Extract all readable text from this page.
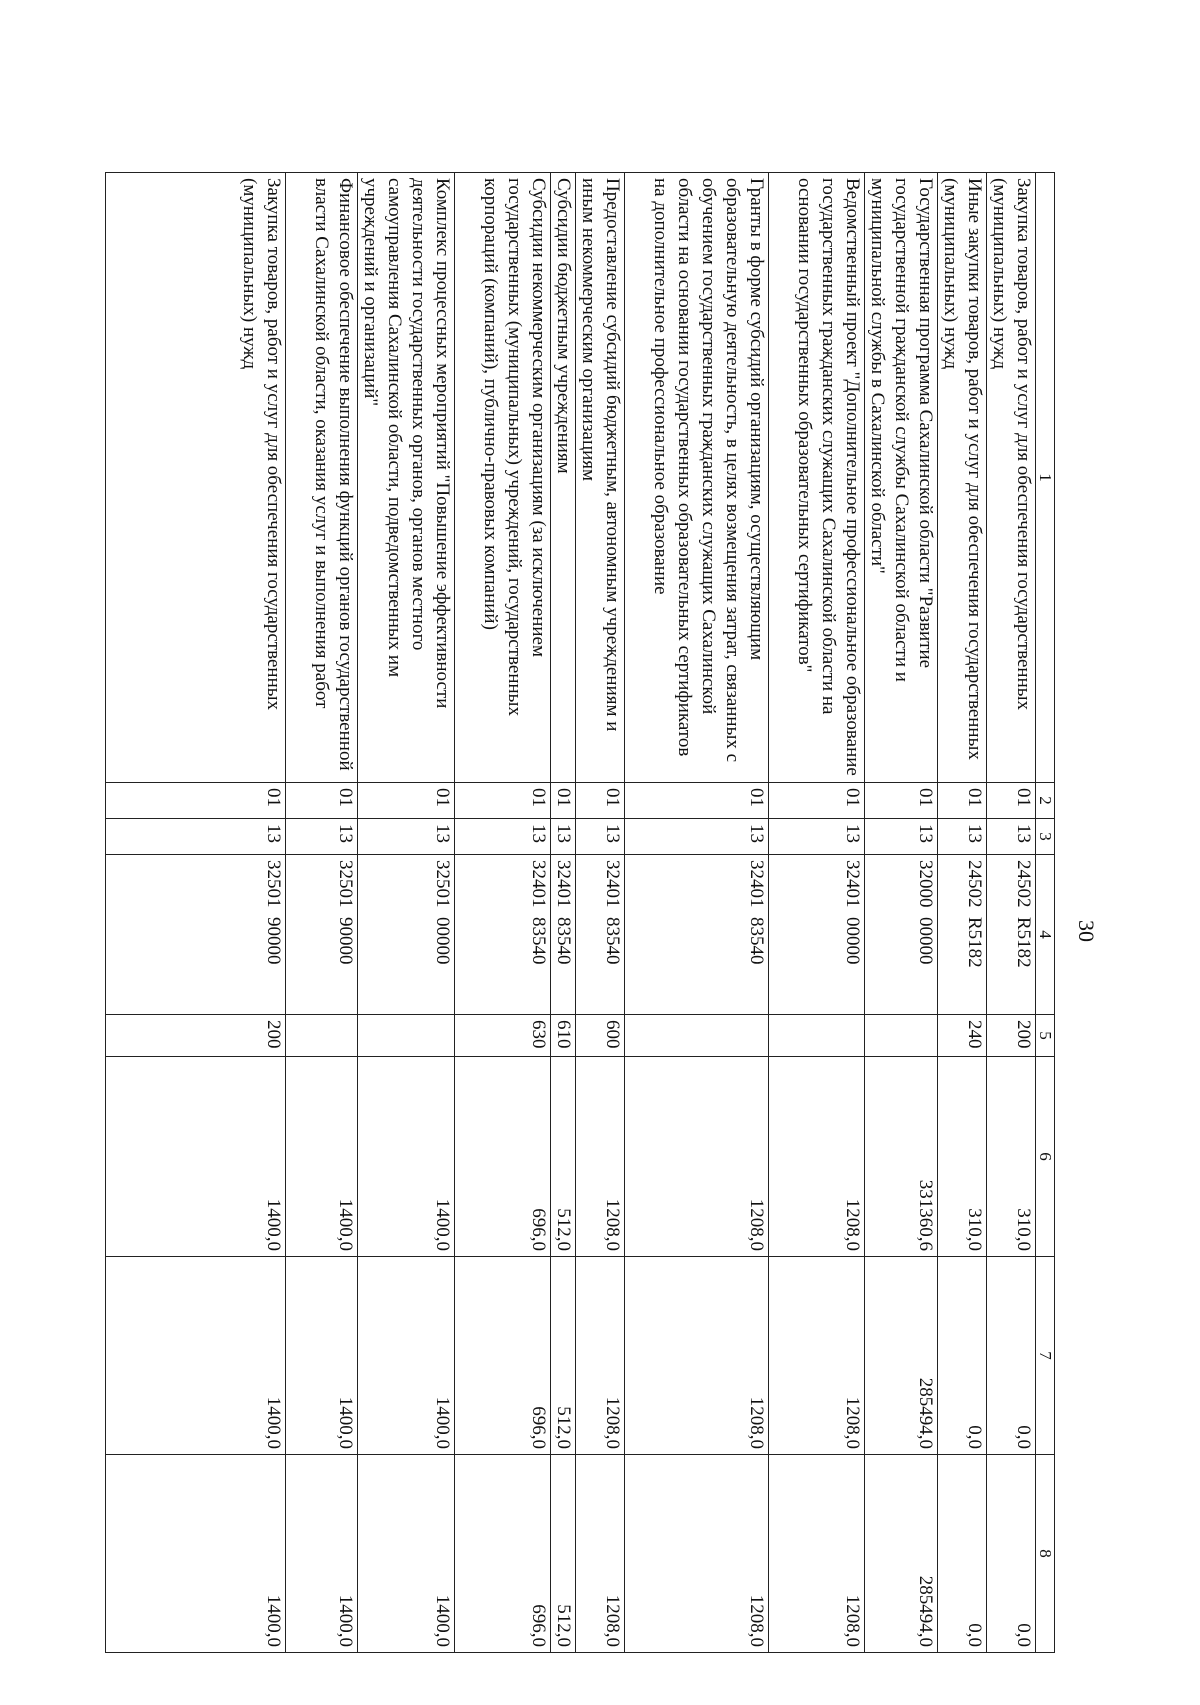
30
1	2	3	4	5	6	7	8
Закупка товаров, работ и услуг для обеспечения государственных (муниципальных) нужд	01	13	24502  R5182	200	310,0	0,0	0,0
Иные закупки товаров, работ и услуг для обеспечения государственных (муниципальных) нужд	01	13	24502  R5182	240	310,0	0,0	0,0
Государственная программа Сахалинской области "Развитие государственной гражданской службы Сахалинской области и муниципальной службы в Сахалинской области"	01	13	32000  00000		331360,6	285494,0	285494,0
Ведомственный проект "Дополнительное профессиональное образование государственных гражданских служащих Сахалинской области на основании государственных образовательных сертификатов"	01	13	32401  00000		1208,0	1208,0	1208,0
Гранты в форме субсидий организациям, осуществляющим образовательную деятельность, в целях возмещения затрат, связанных с обучением государственных гражданских служащих Сахалинской области на основании государственных образовательных сертификатов на дополнительное профессиональное образование	01	13	32401  83540		1208,0	1208,0	1208,0
Предоставление субсидий бюджетным, автономным учреждениям и иным некоммерческим организациям	01	13	32401  83540	600	1208,0	1208,0	1208,0
Субсидии бюджетным учреждениям	01	13	32401  83540	610	512,0	512,0	512,0
Субсидии некоммерческим организациям (за исключением государственных (муниципальных) учреждений, государственных корпораций (компаний), публично-правовых компаний)	01	13	32401  83540	630	696,0	696,0	696,0
Комплекс процессных мероприятий "Повышение эффективности деятельности государственных органов, органов местного самоуправления Сахалинской области, подведомственных им учреждений и организаций"	01	13	32501  00000		1400,0	1400,0	1400,0
Финансовое обеспечение выполнения функций органов государственной власти Сахалинской области, оказания услуг и выполнения работ	01	13	32501  90000		1400,0	1400,0	1400,0
Закупка товаров, работ и услуг для обеспечения государственных (муниципальных) нужд	01	13	32501  90000	200	1400,0	1400,0	1400,0
